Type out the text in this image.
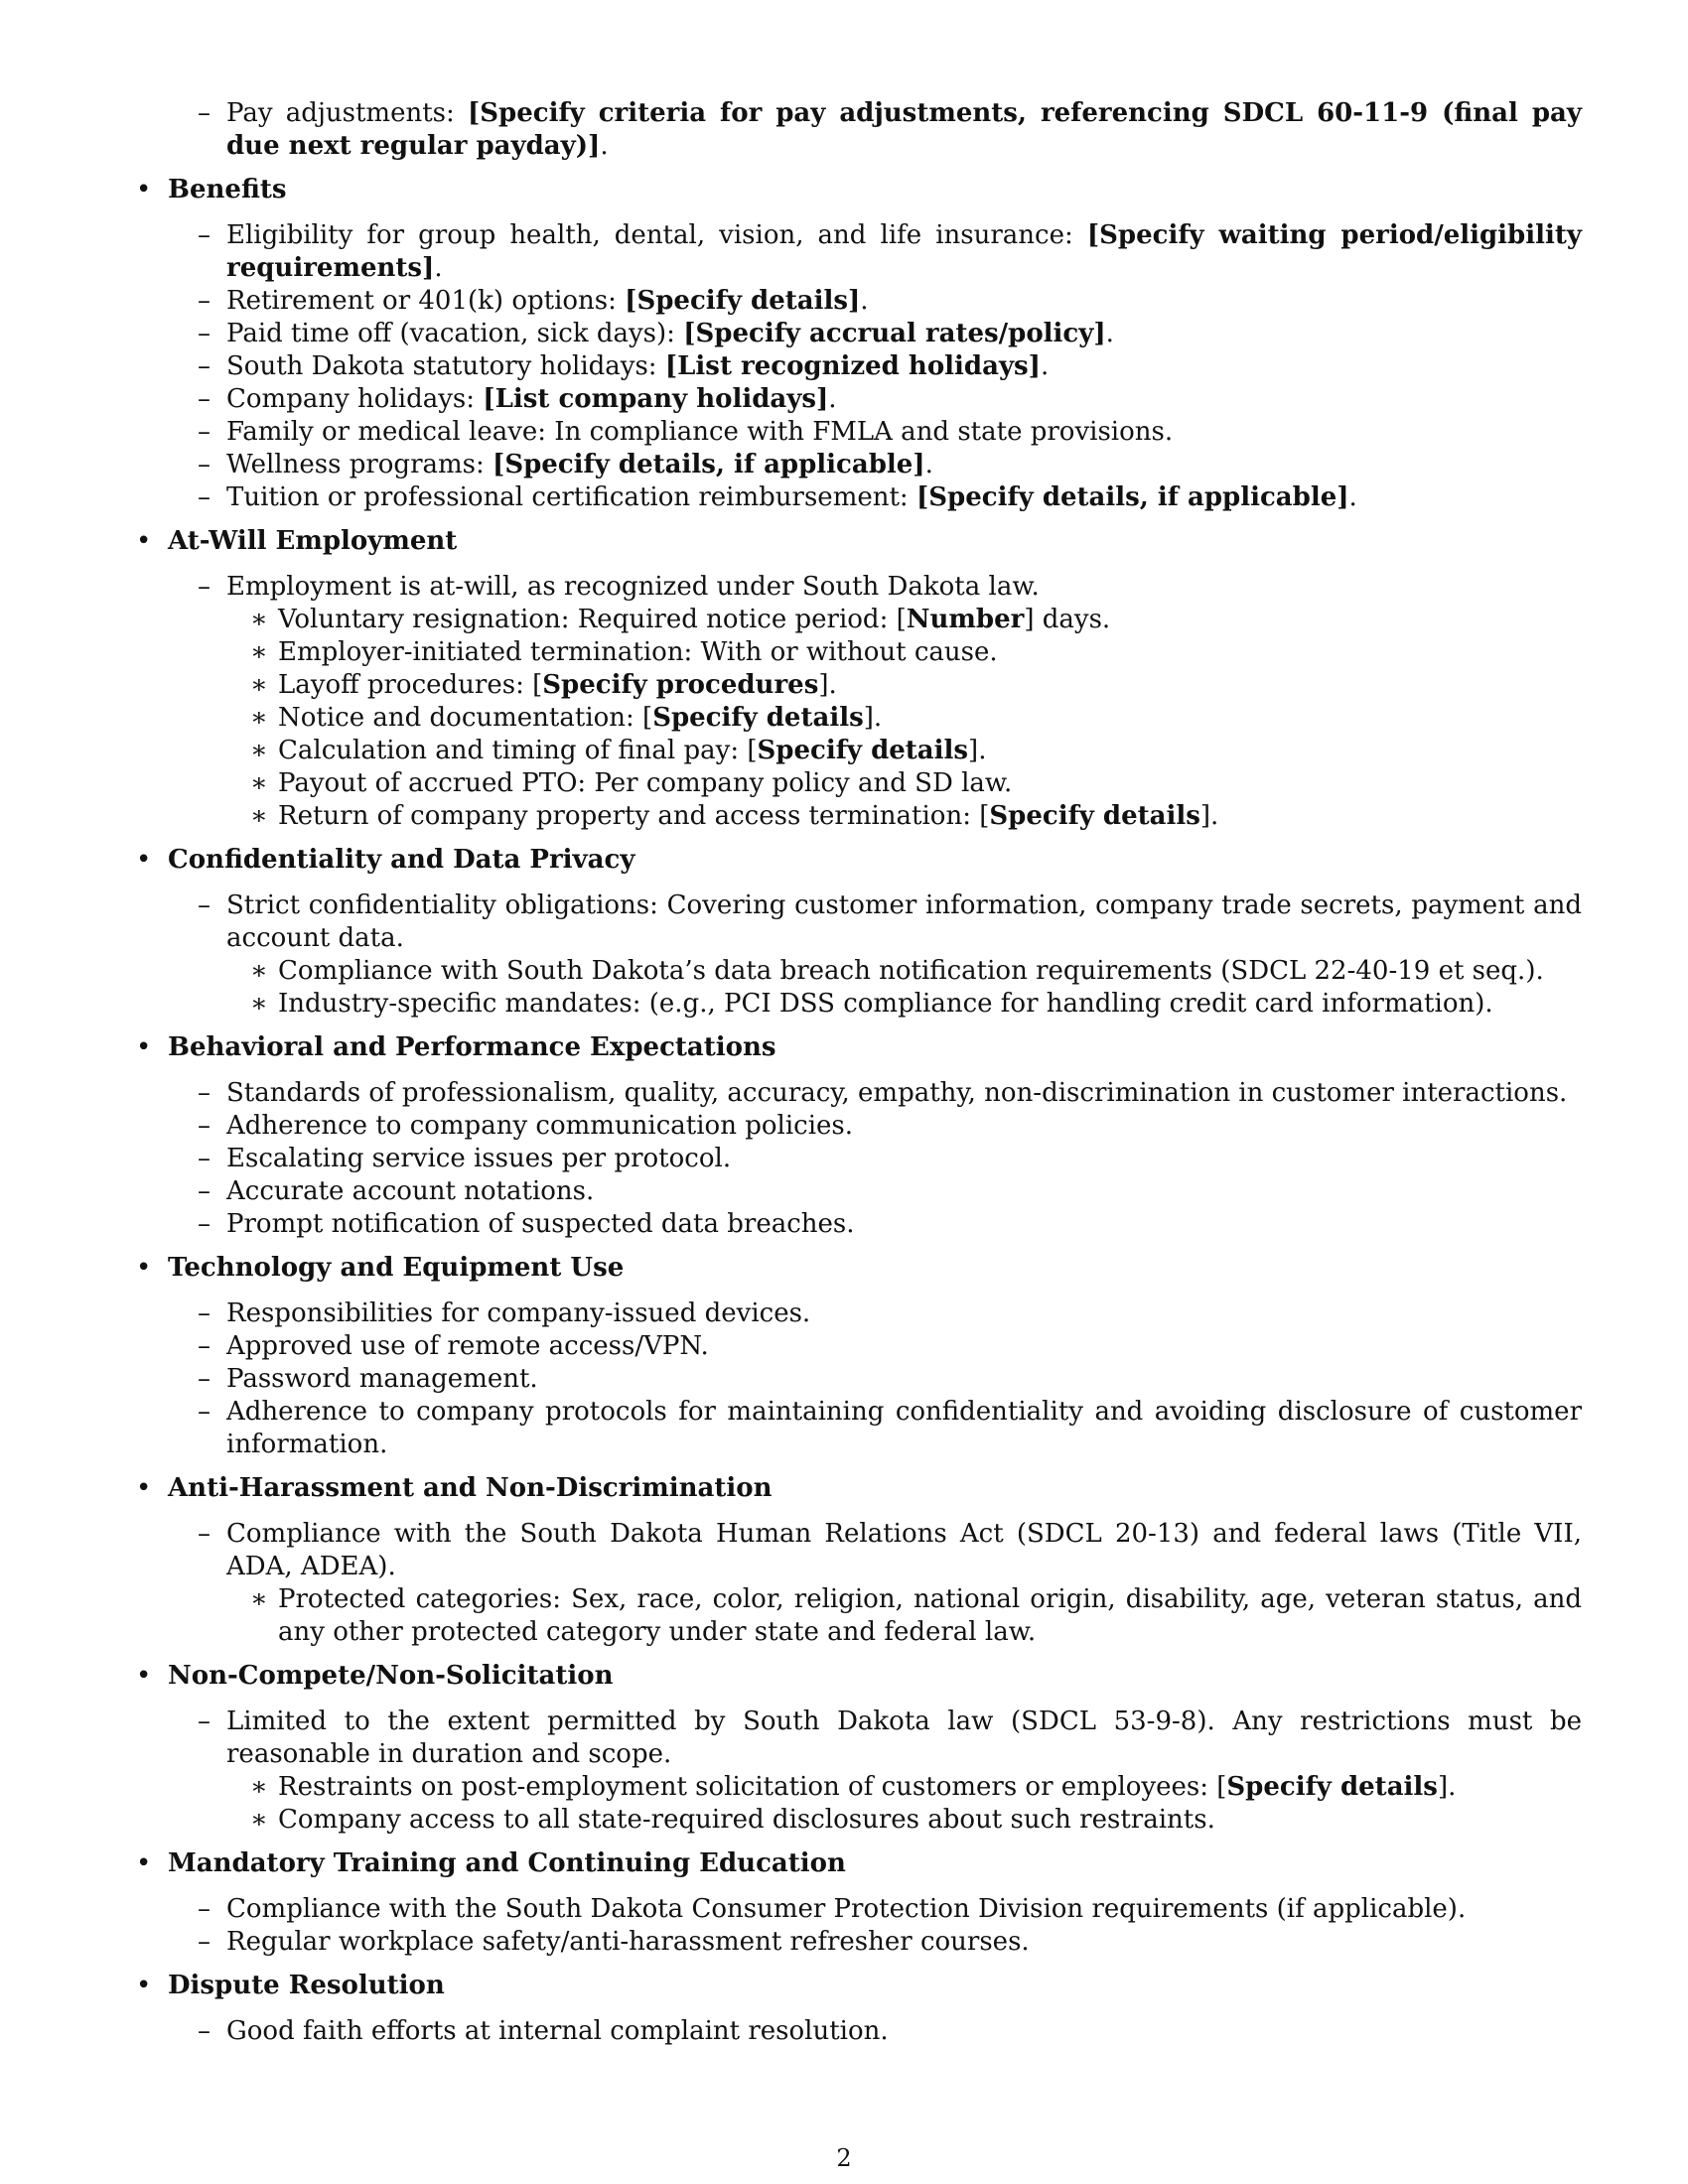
– Pay adjustments: [Specify criteria for pay adjustments, referencing SDCL 60-11-9 (final pay due next regular payday)].
• Benefits
– Eligibility for group health, dental, vision, and life insurance: [Specify waiting period/eligibility requirements].
– Retirement or 401(k) options: [Specify details].
– Paid time off (vacation, sick days): [Specify accrual rates/policy].
– South Dakota statutory holidays: [List recognized holidays].
– Company holidays: [List company holidays].
– Family or medical leave: In compliance with FMLA and state provisions.
– Wellness programs: [Specify details, if applicable].
– Tuition or professional certification reimbursement: [Specify details, if applicable].
• At-Will Employment
– Employment is at-will, as recognized under South Dakota law.
∗ Voluntary resignation: Required notice period: [Number] days.
∗ Employer-initiated termination: With or without cause.
∗ Layoff procedures: [Specify procedures].
∗ Notice and documentation: [Specify details].
∗ Calculation and timing of final pay: [Specify details].
∗ Payout of accrued PTO: Per company policy and SD law.
∗ Return of company property and access termination: [Specify details].
• Confidentiality and Data Privacy
– Strict confidentiality obligations: Covering customer information, company trade secrets, payment and account data.
∗ Compliance with South Dakota’s data breach notification requirements (SDCL 22-40-19 et seq.).
∗ Industry-specific mandates: (e.g., PCI DSS compliance for handling credit card information).
• Behavioral and Performance Expectations
– Standards of professionalism, quality, accuracy, empathy, non-discrimination in customer interactions.
– Adherence to company communication policies.
– Escalating service issues per protocol.
– Accurate account notations.
– Prompt notification of suspected data breaches.
• Technology and Equipment Use
– Responsibilities for company-issued devices.
– Approved use of remote access/VPN.
– Password management.
– Adherence to company protocols for maintaining confidentiality and avoiding disclosure of customer information.
• Anti-Harassment and Non-Discrimination
– Compliance with the South Dakota Human Relations Act (SDCL 20-13) and federal laws (Title VII, ADA, ADEA).
∗ Protected categories: Sex, race, color, religion, national origin, disability, age, veteran status, and any other protected category under state and federal law.
• Non-Compete/Non-Solicitation
– Limited to the extent permitted by South Dakota law (SDCL 53-9-8). Any restrictions must be reasonable in duration and scope.
∗ Restraints on post-employment solicitation of customers or employees: [Specify details].
∗ Company access to all state-required disclosures about such restraints.
• Mandatory Training and Continuing Education
– Compliance with the South Dakota Consumer Protection Division requirements (if applicable).
– Regular workplace safety/anti-harassment refresher courses.
• Dispute Resolution
– Good faith efforts at internal complaint resolution.
2
